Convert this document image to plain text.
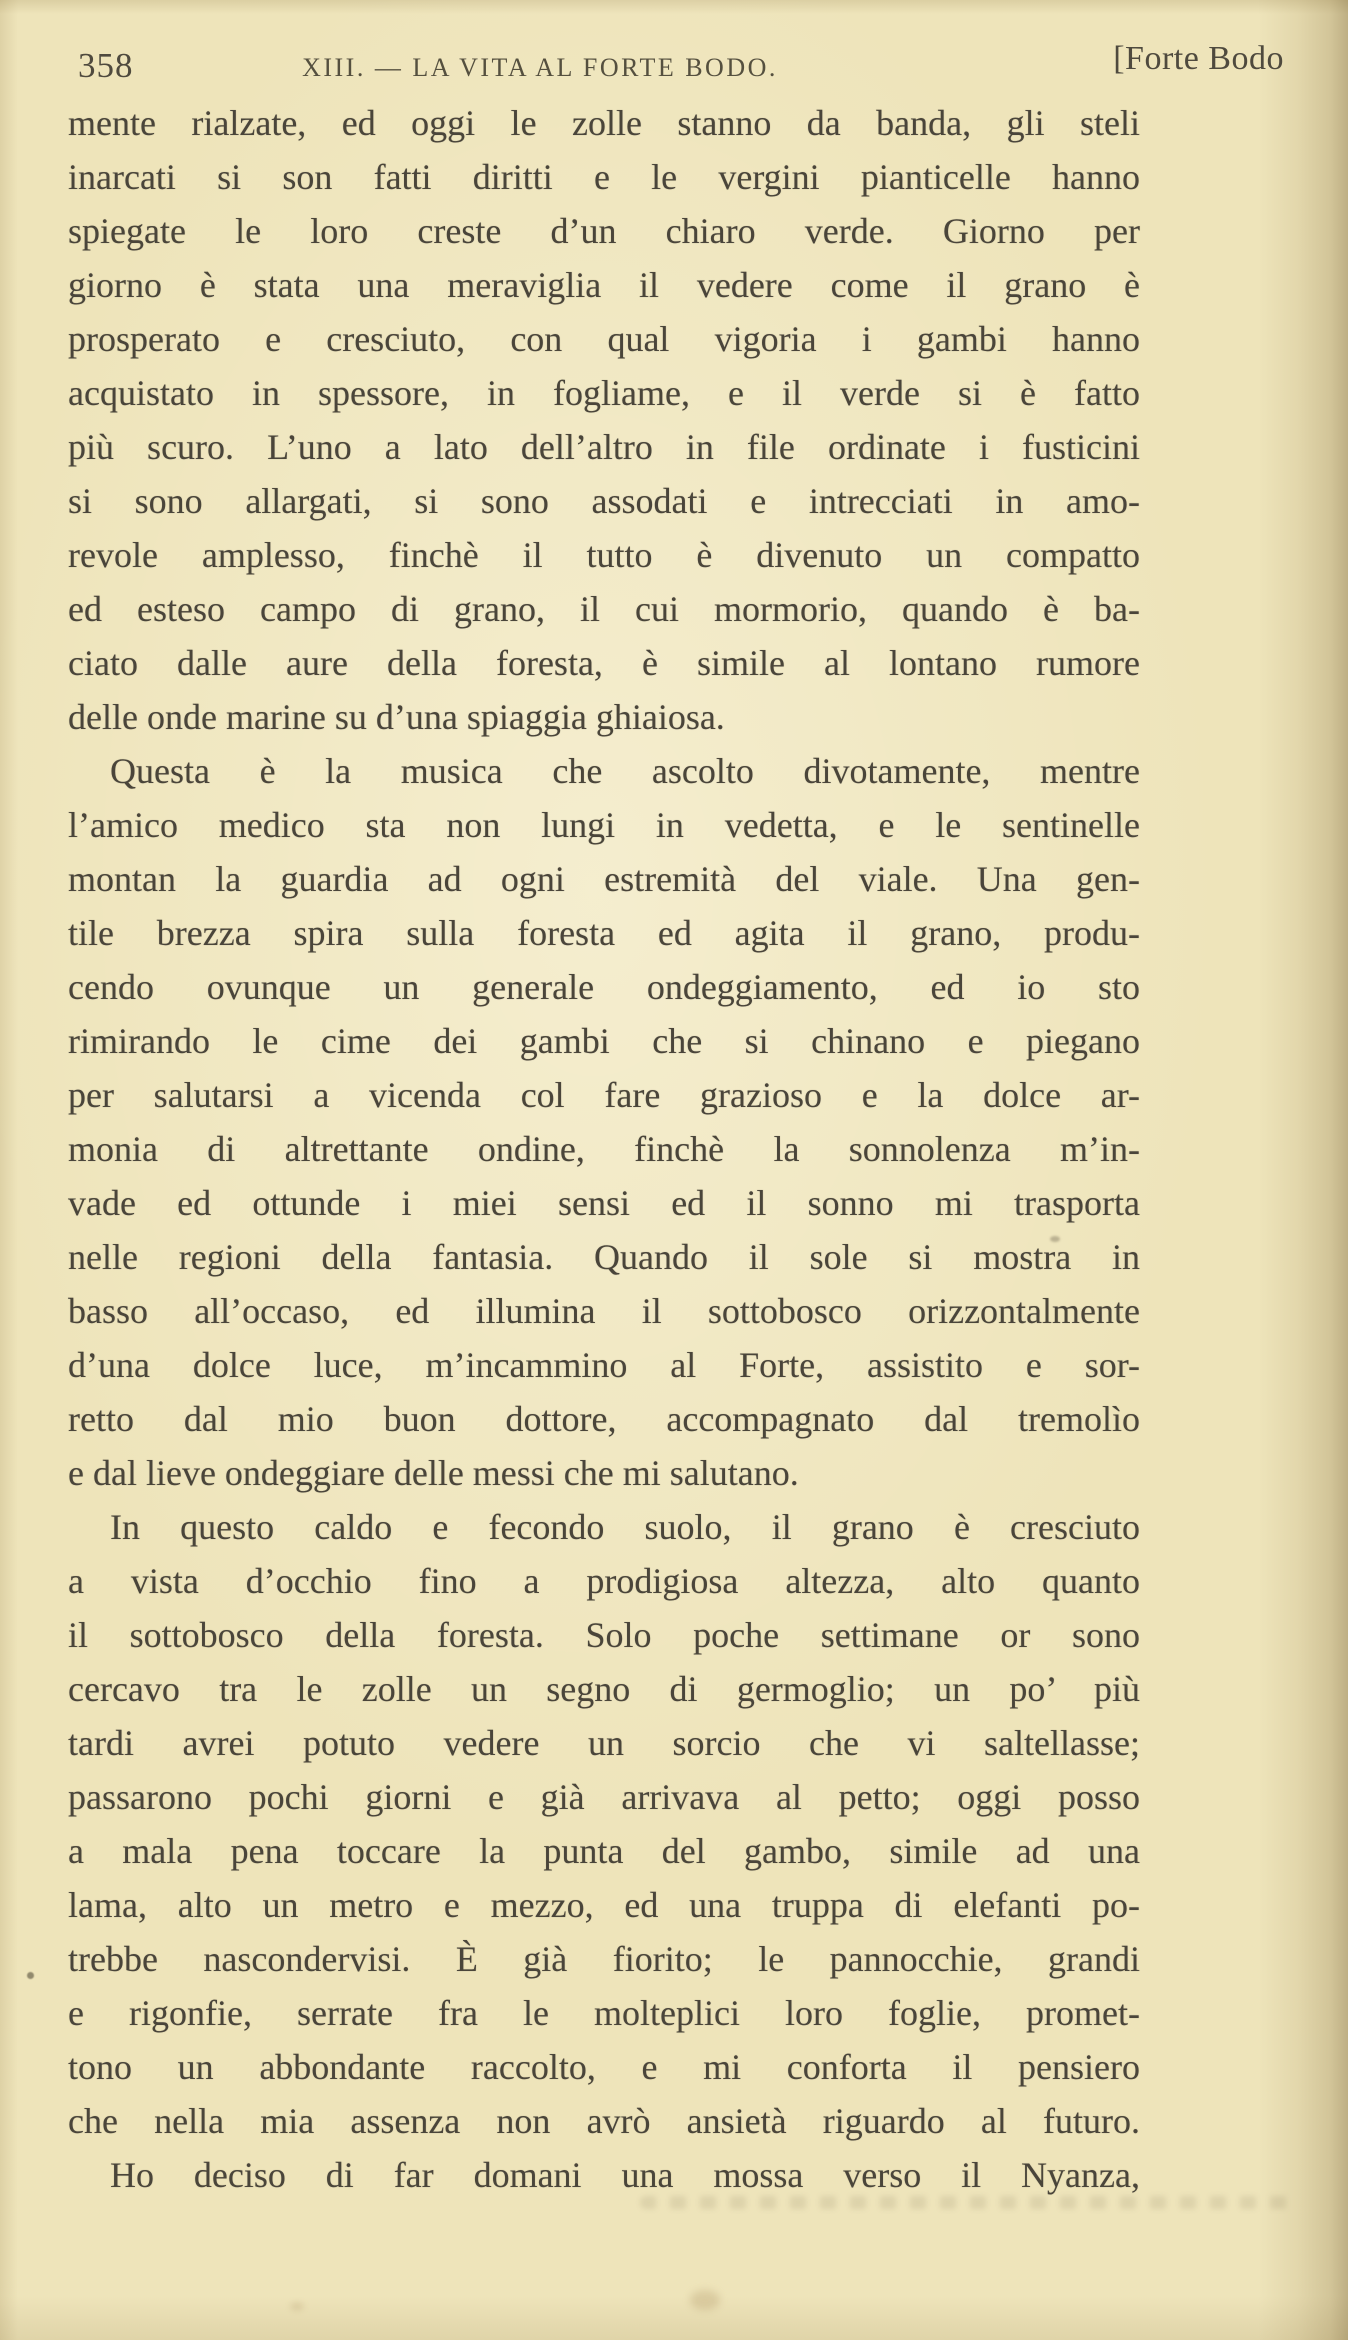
358	XIII. — LA VITA AL FORTE BODO.	[Forte Bodo
mente rialzate, ed oggi le zolle stanno da banda, gli steli
inarcati si son fatti diritti e le vergini pianticelle hanno
spiegate le loro creste d’un chiaro verde. Giorno per
giorno è stata una meraviglia il vedere come il grano è
prosperato e cresciuto, con qual vigoria i gambi hanno
acquistato in spessore, in fogliame, e il verde si è fatto
più scuro. L’uno a lato dell’altro in file ordinate i fusticini
si sono allargati, si sono assodati e intrecciati in amo-
revole amplesso, finchè il tutto è divenuto un compatto
ed esteso campo di grano, il cui mormorio, quando è ba-
ciato dalle aure della foresta, è simile al lontano rumore
delle onde marine su d’una spiaggia ghiaiosa.
Questa è la musica che ascolto divotamente, mentre
l’amico medico sta non lungi in vedetta, e le sentinelle
montan la guardia ad ogni estremità del viale. Una gen-
tile brezza spira sulla foresta ed agita il grano, produ-
cendo ovunque un generale ondeggiamento, ed io sto
rimirando le cime dei gambi che si chinano e piegano
per salutarsi a vicenda col fare grazioso e la dolce ar-
monia di altrettante ondine, finchè la sonnolenza m’in-
vade ed ottunde i miei sensi ed il sonno mi trasporta
nelle regioni della fantasia. Quando il sole si mostra in
basso all’occaso, ed illumina il sottobosco orizzontalmente
d’una dolce luce, m’incammino al Forte, assistito e sor-
retto dal mio buon dottore, accompagnato dal tremolìo
e dal lieve ondeggiare delle messi che mi salutano.
In questo caldo e fecondo suolo, il grano è cresciuto
a vista d’occhio fino a prodigiosa altezza, alto quanto
il sottobosco della foresta. Solo poche settimane or sono
cercavo tra le zolle un segno di germoglio; un po’ più
tardi avrei potuto vedere un sorcio che vi saltellasse;
passarono pochi giorni e già arrivava al petto; oggi posso
a mala pena toccare la punta del gambo, simile ad una
lama, alto un metro e mezzo, ed una truppa di elefanti po-
trebbe nascondervisi. È già fiorito; le pannocchie, grandi
e rigonfie, serrate fra le molteplici loro foglie, promet-
tono un abbondante raccolto, e mi conforta il pensiero
che nella mia assenza non avrò ansietà riguardo al futuro.
Ho deciso di far domani una mossa verso il Nyanza,
